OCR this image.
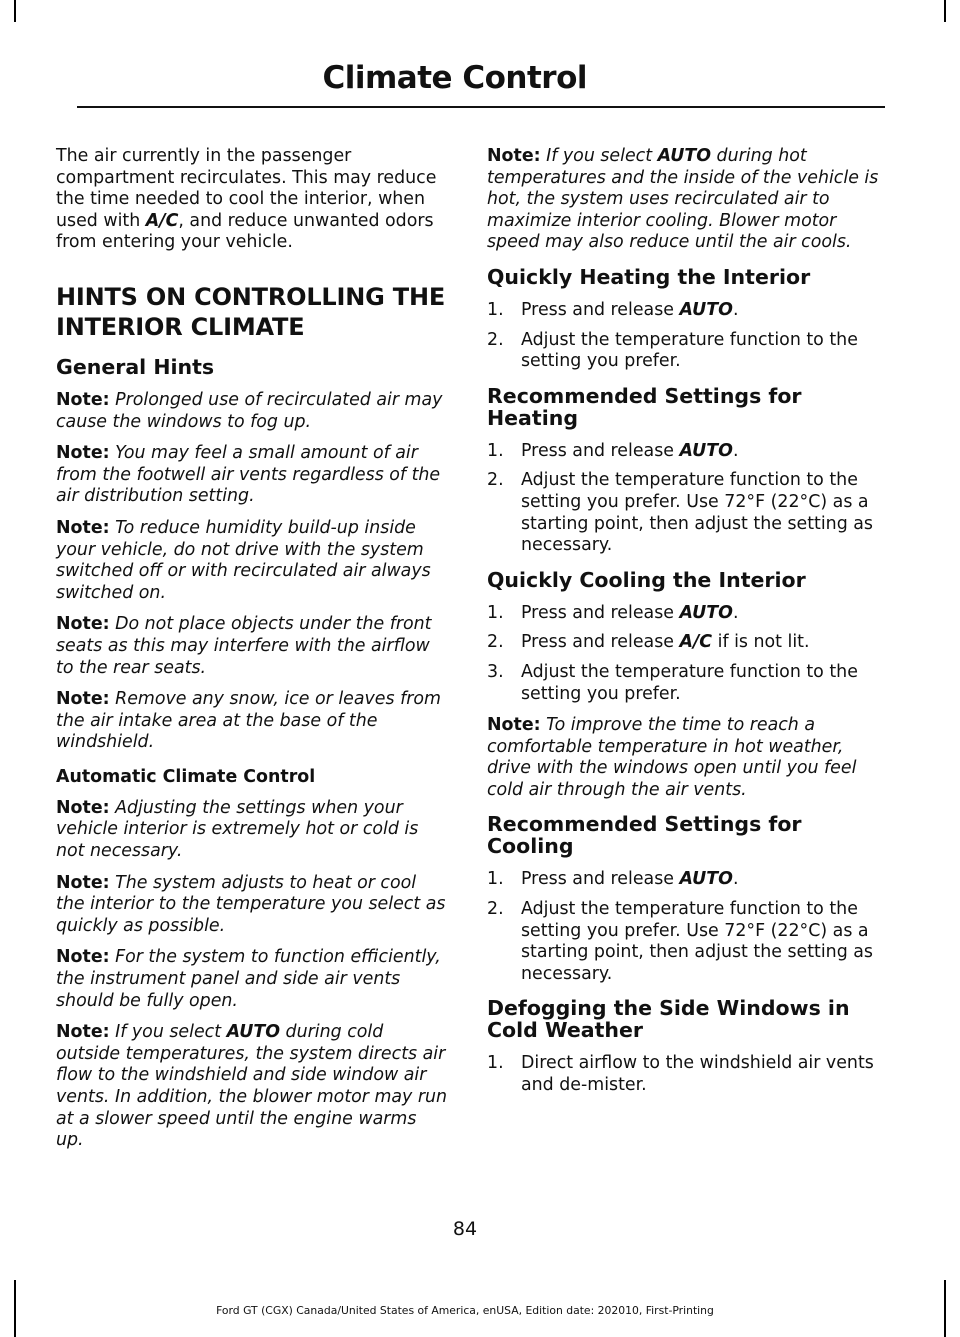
Climate Control

The air currently in the passenger compartment recirculates. This may reduce the time needed to cool the interior, when used with A/C, and reduce unwanted odors from entering your vehicle.

HINTS ON CONTROLLING THE INTERIOR CLIMATE
General Hints

Note: Prolonged use of recirculated air may cause the windows to fog up.

Note: You may feel a small amount of air from the footwell air vents regardless of the air distribution setting.

Note: To reduce humidity build-up inside your vehicle, do not drive with the system switched off or with recirculated air always switched on.

Note: Do not place objects under the front seats as this may interfere with the airflow to the rear seats.

Note: Remove any snow, ice or leaves from the air intake area at the base of the windshield.

Automatic Climate Control

Note: Adjusting the settings when your vehicle interior is extremely hot or cold is not necessary.

Note: The system adjusts to heat or cool the interior to the temperature you select as quickly as possible.

Note: For the system to function efficiently, the instrument panel and side air vents should be fully open.

Note: If you select AUTO during cold outside temperatures, the system directs air flow to the windshield and side window air vents. In addition, the blower motor may run at a slower speed until the engine warms up.

Note: If you select AUTO during hot temperatures and the inside of the vehicle is hot, the system uses recirculated air to maximize interior cooling. Blower motor speed may also reduce until the air cools.

Quickly Heating the Interior
1. Press and release AUTO.
2. Adjust the temperature function to the setting you prefer.
Recommended Settings for Heating
1. Press and release AUTO.
2. Adjust the temperature function to the setting you prefer. Use 72°F (22°C) as a starting point, then adjust the setting as necessary.
Quickly Cooling the Interior
1. Press and release AUTO.
2. Press and release A/C if is not lit.
3. Adjust the temperature function to the setting you prefer.

Note: To improve the time to reach a comfortable temperature in hot weather, drive with the windows open until you feel cold air through the air vents.

Recommended Settings for Cooling
1. Press and release AUTO.
2. Adjust the temperature function to the setting you prefer. Use 72°F (22°C) as a starting point, then adjust the setting as necessary.
Defogging the Side Windows in Cold Weather
1. Direct airflow to the windshield air vents and de-mister.
84
Ford GT (CGX) Canada/United States of America, enUSA, Edition date: 202010, First-Printing
